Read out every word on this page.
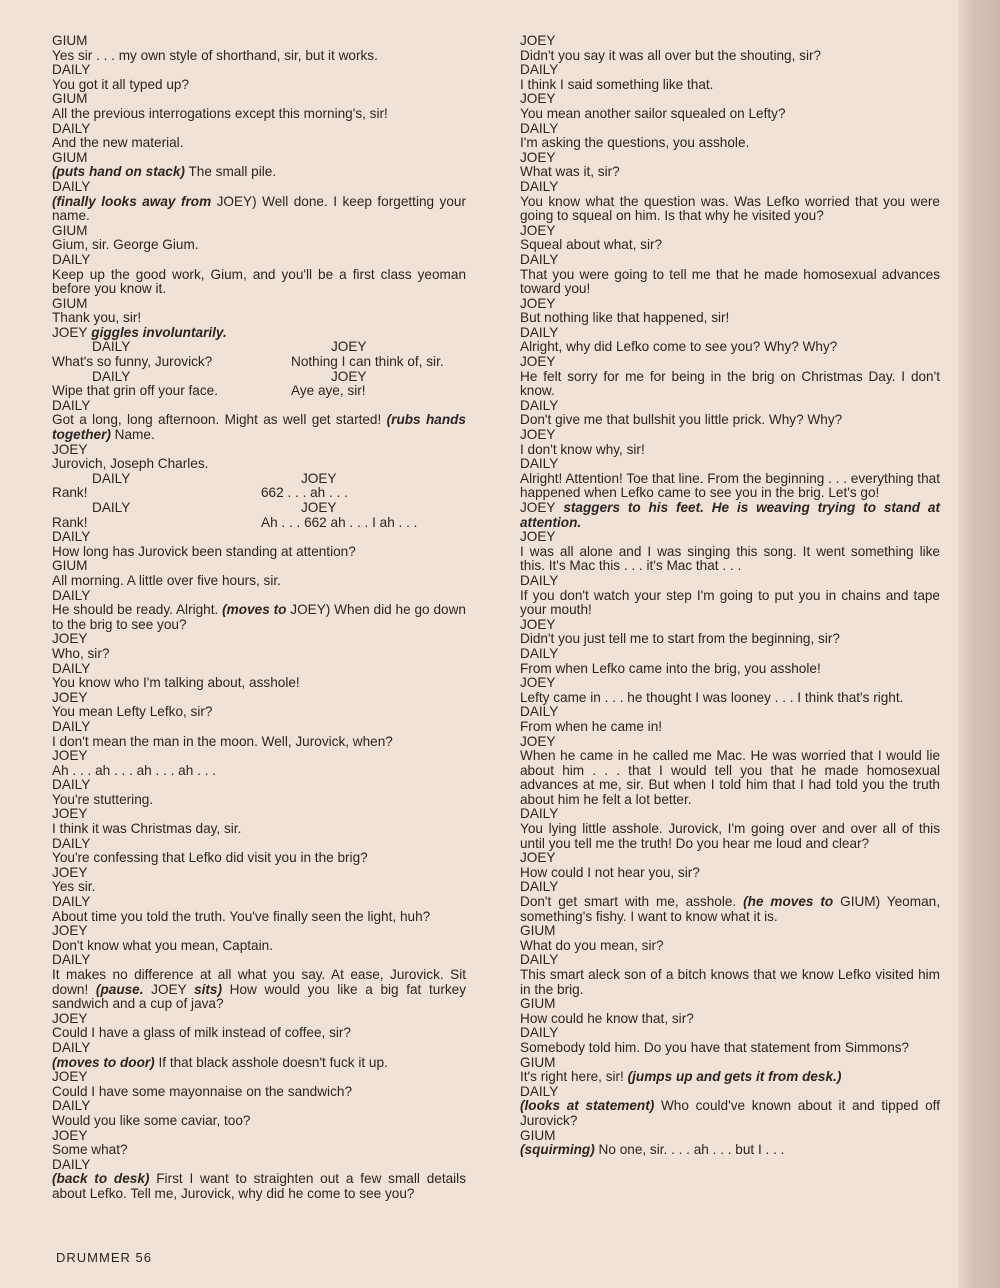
GIUM

Yes sir . . . my own style of shorthand, sir, but it works.

DAILY

You got it all typed up?

GIUM

All the previous interrogations except this morning's, sir!

DAILY

And the new material.

GIUM

(puts hand on stack) The small pile.

DAILY

(finally looks away from JOEY) Well done. I keep forgetting your name.

GIUM

Gium, sir. George Gium.

DAILY

Keep up the good work, Gium, and you'll be a first class yeoman before you know it.

GIUM

Thank you, sir!

JOEY giggles involuntarily.

DAILY	JOEY
What's so funny, Jurovick?	Nothing I can think of, sir.
DAILY	JOEY
Wipe that grin off your face.	Aye aye, sir!

DAILY

Got a long, long afternoon. Might as well get started! (rubs hands together) Name.

JOEY

Jurovich, Joseph Charles.

DAILY	JOEY
Rank!	662 . . . ah . . .
DAILY	JOEY
Rank!	Ah . . . 662 ah . . . I ah . . .

DAILY

How long has Jurovick been standing at attention?

GIUM

All morning. A little over five hours, sir.

DAILY

He should be ready. Alright. (moves to JOEY) When did he go down to the brig to see you?

JOEY

Who, sir?

DAILY

You know who I'm talking about, asshole!

JOEY

You mean Lefty Lefko, sir?

DAILY

I don't mean the man in the moon. Well, Jurovick, when?

JOEY

Ah . . . ah . . . ah . . . ah . . .

DAILY

You're stuttering.

JOEY

I think it was Christmas day, sir.

DAILY

You're confessing that Lefko did visit you in the brig?

JOEY

Yes sir.

DAILY

About time you told the truth. You've finally seen the light, huh?

JOEY

Don't know what you mean, Captain.

DAILY

It makes no difference at all what you say. At ease, Jurovick. Sit down! (pause. JOEY sits) How would you like a big fat turkey sandwich and a cup of java?

JOEY

Could I have a glass of milk instead of coffee, sir?

DAILY

(moves to door) If that black asshole doesn't fuck it up.

JOEY

Could I have some mayonnaise on the sandwich?

DAILY

Would you like some caviar, too?

JOEY

Some what?

DAILY

(back to desk) First I want to straighten out a few small details about Lefko. Tell me, Jurovick, why did he come to see you?

JOEY

Didn't you say it was all over but the shouting, sir?

DAILY

I think I said something like that.

JOEY

You mean another sailor squealed on Lefty?

DAILY

I'm asking the questions, you asshole.

JOEY

What was it, sir?

DAILY

You know what the question was. Was Lefko worried that you were going to squeal on him. Is that why he visited you?

JOEY

Squeal about what, sir?

DAILY

That you were going to tell me that he made homosexual advances toward you!

JOEY

But nothing like that happened, sir!

DAILY

Alright, why did Lefko come to see you? Why? Why?

JOEY

He felt sorry for me for being in the brig on Christmas Day. I don't know.

DAILY

Don't give me that bullshit you little prick. Why? Why?

JOEY

I don't know why, sir!

DAILY

Alright! Attention! Toe that line. From the beginning . . . everything that happened when Lefko came to see you in the brig. Let's go!

JOEY staggers to his feet. He is weaving trying to stand at attention.

JOEY

I was all alone and I was singing this song. It went something like this. It's Mac this . . . it's Mac that . . .

DAILY

If you don't watch your step I'm going to put you in chains and tape your mouth!

JOEY

Didn't you just tell me to start from the beginning, sir?

DAILY

From when Lefko came into the brig, you asshole!

JOEY

Lefty came in . . . he thought I was looney . . . I think that's right.

DAILY

From when he came in!

JOEY

When he came in he called me Mac. He was worried that I would lie about him . . . that I would tell you that he made homosexual advances at me, sir. But when I told him that I had told you the truth about him he felt a lot better.

DAILY

You lying little asshole. Jurovick, I'm going over and over all of this until you tell me the truth! Do you hear me loud and clear?

JOEY

How could I not hear you, sir?

DAILY

Don't get smart with me, asshole. (he moves to GIUM) Yeoman, something's fishy. I want to know what it is.

GIUM

What do you mean, sir?

DAILY

This smart aleck son of a bitch knows that we know Lefko visited him in the brig.

GIUM

How could he know that, sir?

DAILY

Somebody told him. Do you have that statement from Simmons?

GIUM

It's right here, sir! (jumps up and gets it from desk.)

DAILY

(looks at statement) Who could've known about it and tipped off Jurovick?

GIUM

(squirming) No one, sir. . . . ah . . . but I . . .

DRUMMER 56
